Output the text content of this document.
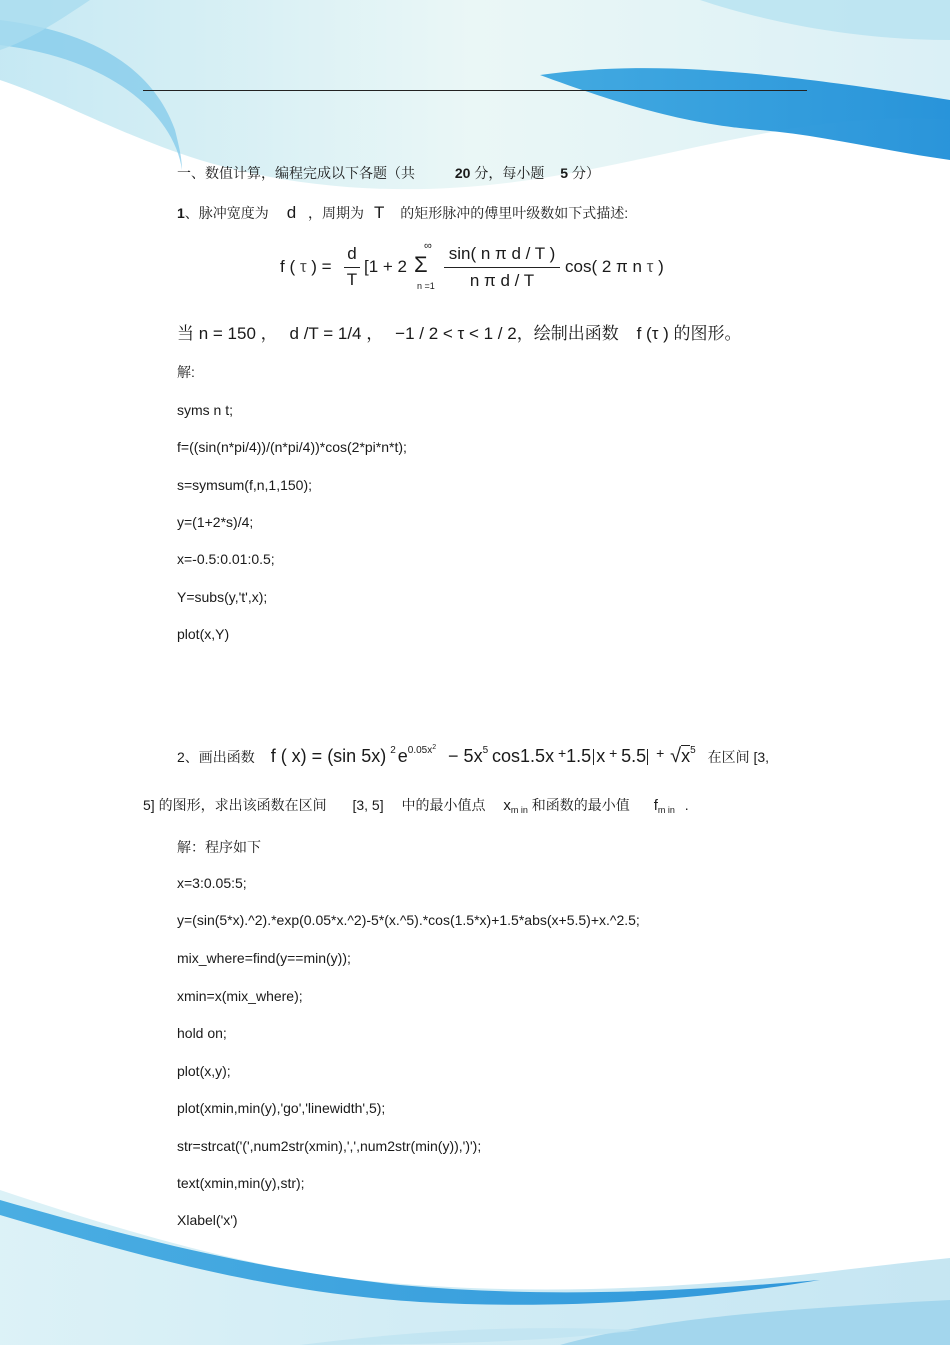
一、数值计算，编程完成以下各题（共	20 分，每小题 5 分）
1、脉冲宽度为 d ，周期为 T 的矩形脉冲的傅里叶级数如下式描述:
f ( τ ) =
d
T
[1 + 2
∞
Σ
n =1
sin( n π d / T )
n π d / T
cos( 2 π n τ )
当 n = 150 ， d /T = 1/4 ， −1 / 2 < τ < 1 / 2，绘制出函数 f (τ ) 的图形。
解:
syms n t;
f=((sin(n*pi/4))/(n*pi/4))*cos(2*pi*n*t);
s=symsum(f,n,1,150);
y=(1+2*s)/4;
x=-0.5:0.01:0.5;
Y=subs(y,'t',x);
plot(x,Y)
2、画出函数 f ( x) = (sin 5x) 2 $e^{0.05x2} - 5x^5$ cos1.5x +1.5 $x + 5.5 + √x^5$ 在区间 [3,
5] 的图形，求出该函数在区间 [3, 5] 中的最小值点 $x_{m in}$ 和函数的最小值 $f_{m in}$ .
解：程序如下
x=3:0.05:5;
y=(sin(5*x).^2).*exp(0.05*x.^2)-5*(x.^5).*cos(1.5*x)+1.5*abs(x+5.5)+x.^2.5;
mix_where=find(y==min(y));
xmin=x(mix_where);
hold on;
plot(x,y);
plot(xmin,min(y),'go','linewidth',5);
str=strcat('(',num2str(xmin),',',num2str(min(y)),')');
text(xmin,min(y),str);
Xlabel('x')
